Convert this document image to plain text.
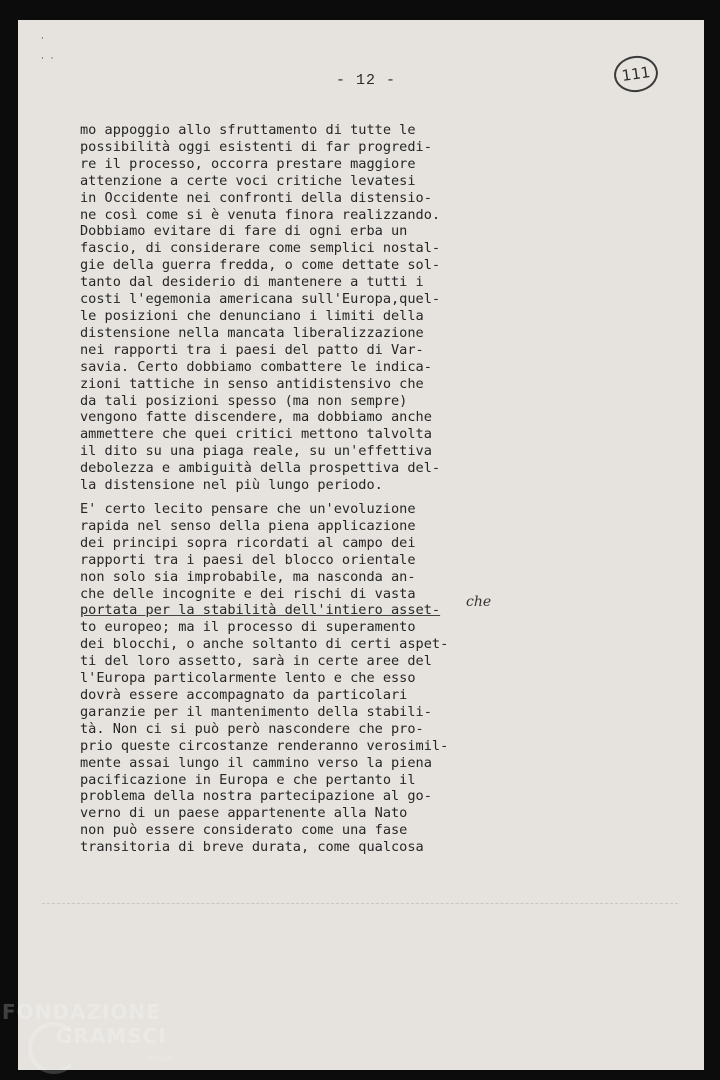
·

· ·
- 12 -	111
mo appoggio allo sfruttamento di tutte le
possibilità oggi esistenti di far progredi-
re il processo, occorra prestare maggiore
attenzione a certe voci critiche levatesi
in Occidente nei confronti della distensio-
ne così come si è venuta finora realizzando.
Dobbiamo evitare di fare di ogni erba un
fascio, di considerare come semplici nostal-
gie della guerra fredda, o come dettate sol-
tanto dal desiderio di mantenere a tutti i
costi l'egemonia americana sull'Europa,quel-
le posizioni che denunciano i limiti della
distensione nella mancata liberalizzazione
nei rapporti tra i paesi del patto di Var-
savia. Certo dobbiamo combattere le indica-
zioni tattiche in senso antidistensivo che
da tali posizioni spesso (ma non sempre)
vengono fatte discendere, ma dobbiamo anche
ammettere che quei critici mettono talvolta
il dito su una piaga reale, su un'effettiva
debolezza e ambiguità della prospettiva del-
la distensione nel più lungo periodo.

E' certo lecito pensare che un'evoluzione
rapida nel senso della piena applicazione
dei principi sopra ricordati al campo dei
rapporti tra i paesi del blocco orientale
non solo sia improbabile, ma nasconda an-
che delle incognite e dei rischi di vasta
portata per la stabilità dell'intiero asset-
to europeo; ma il processo di superamento
dei blocchi, o anche soltanto di certi aspet-
ti del loro assetto, sarà in certe aree del
l'Europa particolarmente lento e che esso
dovrà essere accompagnato da particolari
garanzie per il mantenimento della stabili-
tà. Non ci si può però nascondere che pro-
prio queste circostanze renderanno verosimil-
mente assai lungo il cammino verso la piena
pacificazione in Europa e che pertanto il
problema della nostra partecipazione al go-
verno di un paese appartenente alla Nato
non può essere considerato come una fase
transitoria di breve durata, come qualcosa
che
FONDAZIONE
GRAMSCI
onlus
